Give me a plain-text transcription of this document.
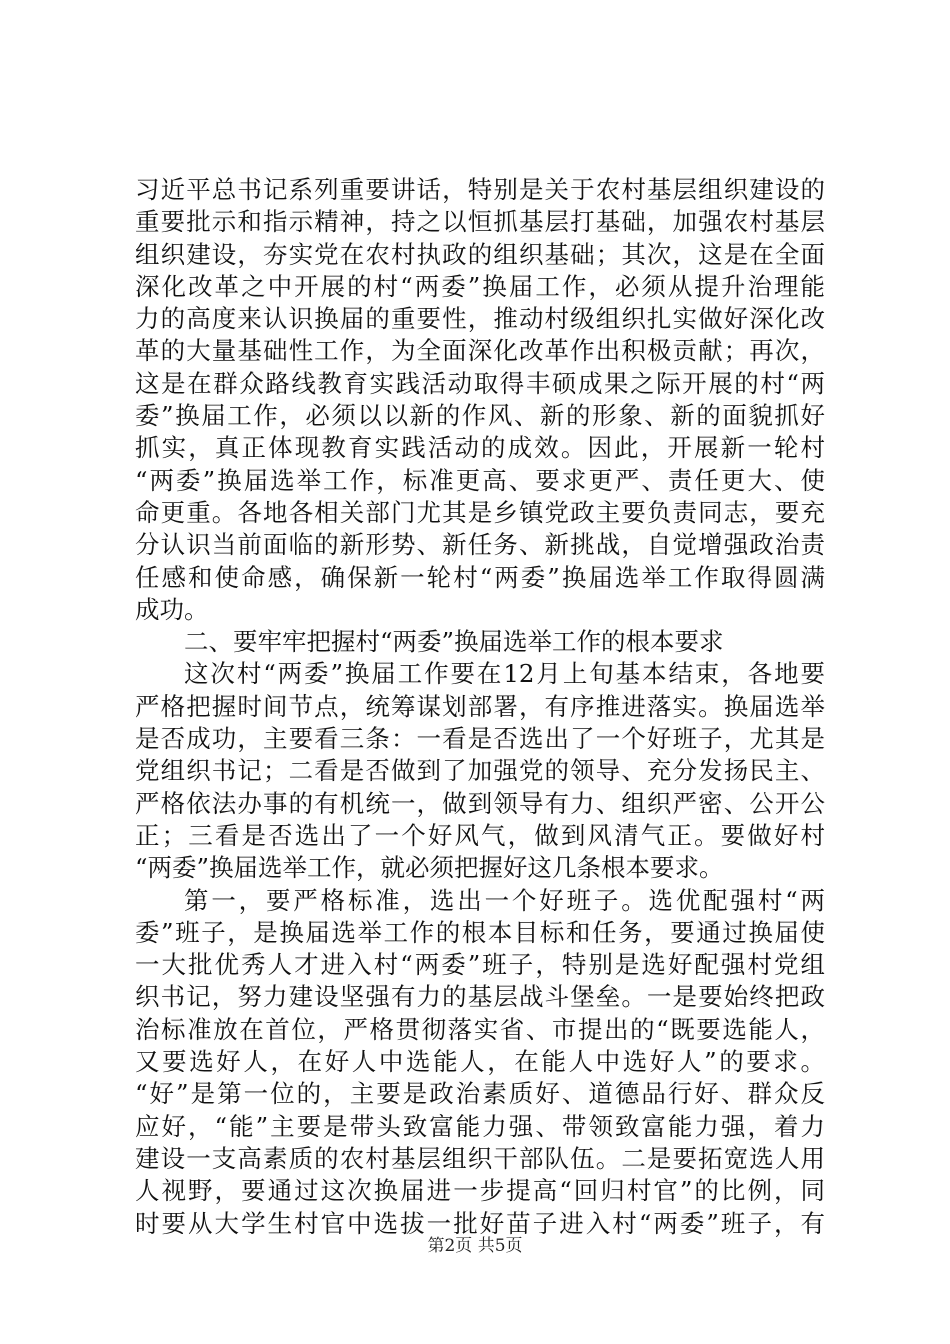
习近平总书记系列重要讲话，特别是关于农村基层组织建设的
重要批示和指示精神，持之以恒抓基层打基础，加强农村基层
组织建设，夯实党在农村执政的组织基础；其次，这是在全面
深化改革之中开展的村“两委”换届工作，必须从提升治理能
力的高度来认识换届的重要性，推动村级组织扎实做好深化改
革的大量基础性工作，为全面深化改革作出积极贡献；再次，
这是在群众路线教育实践活动取得丰硕成果之际开展的村“两
委”换届工作，必须以以新的作风、新的形象、新的面貌抓好
抓实，真正体现教育实践活动的成效。因此，开展新一轮村
“两委”换届选举工作，标准更高、要求更严、责任更大、使
命更重。各地各相关部门尤其是乡镇党政主要负责同志，要充
分认识当前面临的新形势、新任务、新挑战，自觉增强政治责
任感和使命感，确保新一轮村“两委”换届选举工作取得圆满
成功。
二、要牢牢把握村“两委”换届选举工作的根本要求
这次村“两委”换届工作要在12月上旬基本结束，各地要
严格把握时间节点，统筹谋划部署，有序推进落实。换届选举
是否成功，主要看三条：一看是否选出了一个好班子，尤其是
党组织书记；二看是否做到了加强党的领导、充分发扬民主、
严格依法办事的有机统一，做到领导有力、组织严密、公开公
正；三看是否选出了一个好风气，做到风清气正。要做好村
“两委”换届选举工作，就必须把握好这几条根本要求。
第一，要严格标准，选出一个好班子。选优配强村“两
委”班子，是换届选举工作的根本目标和任务，要通过换届使
一大批优秀人才进入村“两委”班子，特别是选好配强村党组
织书记，努力建设坚强有力的基层战斗堡垒。一是要始终把政
治标准放在首位，严格贯彻落实省、市提出的“既要选能人，
又要选好人，在好人中选能人，在能人中选好人”的要求。
“好”是第一位的，主要是政治素质好、道德品行好、群众反
应好，“能”主要是带头致富能力强、带领致富能力强，着力
建设一支高素质的农村基层组织干部队伍。二是要拓宽选人用
人视野，要通过这次换届进一步提高“回归村官”的比例，同
时要从大学生村官中选拔一批好苗子进入村“两委”班子，有
第2页 共5页
